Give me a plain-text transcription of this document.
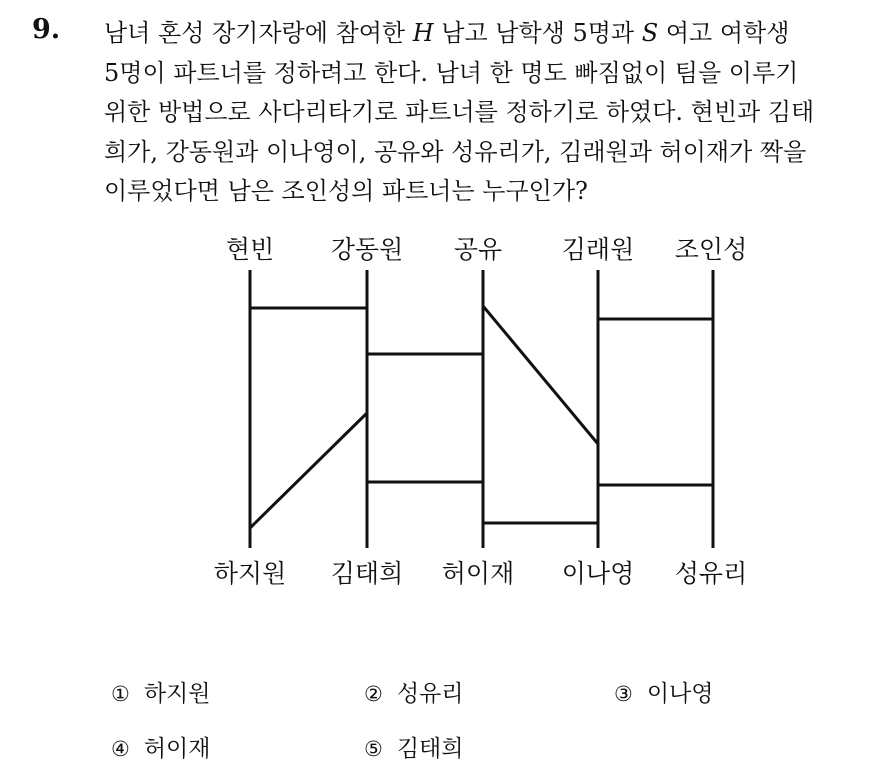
9. 남녀 혼성 장기자랑에 참여한 H 남고 남학생 5명과 S 여고 여학생
5명이 파트너를 정하려고 한다. 남녀 한 명도 빠짐없이 팀을 이루기
위한 방법으로 사다리타기로 파트너를 정하기로 하였다. 현빈과 김태
희가, 강동원과 이나영이, 공유와 성유리가, 김래원과 허이재가 짝을
이루었다면 남은 조인성의 파트너는 누구인가?
현빈 강동원 공유 김래원 조인성
하지원 김태희 허이재 이나영 성유리
① 하지원	② 성유리	③ 이나영
④ 허이재	⑤ 김태희
